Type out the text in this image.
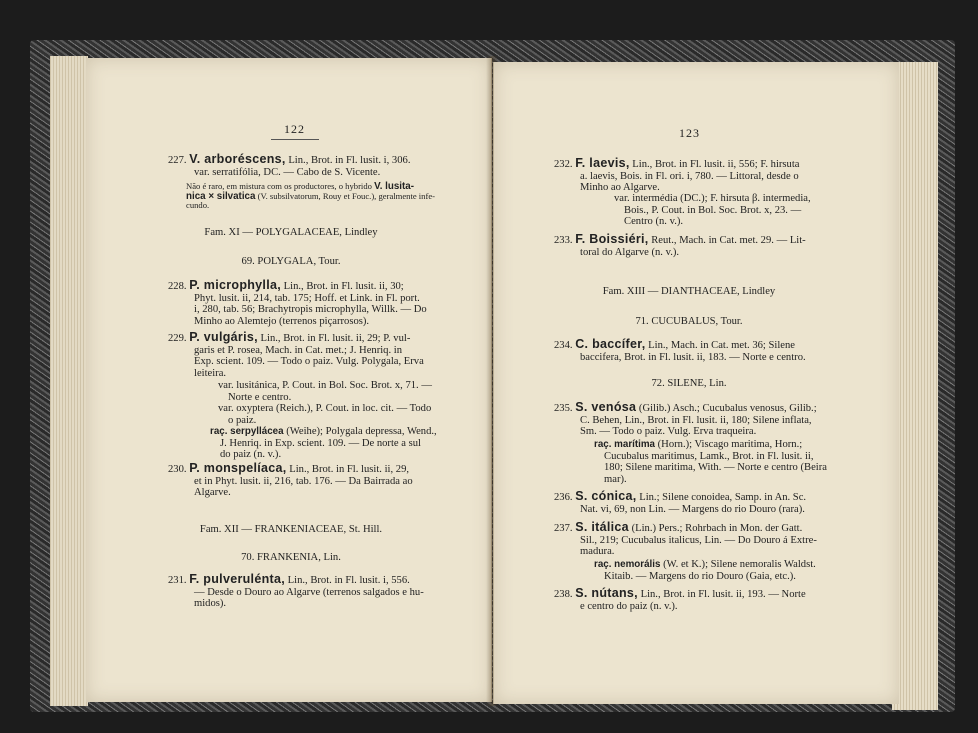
122

227. V. arboréscens, Lin., Brot. in Fl. lusit. i, 306.

var. serratifólia, DC. — Cabo de S. Vicente.

Não é raro, em mistura com os productores, o hybrido V. lusita-

nica × silvatica (V. subsilvatorum, Rouy et Fouc.), geralmente infe-

cundo.

Fam. XI — POLYGALACEAE, Lindley
69. POLYGALA, Tour.

228. P. microphylla, Lin., Brot. in Fl. lusit. ii, 30;

Phyt. lusit. ii, 214, tab. 175; Hoff. et Link. in Fl. port.

i, 280, tab. 56; Brachytropis microphylla, Willk. — Do

Minho ao Alemtejo (terrenos piçarrosos).

229. P. vulgáris, Lin., Brot. in Fl. lusit. ii, 29; P. vul-

garis et P. rosea, Mach. in Cat. met.; J. Henriq. in

Exp. scient. 109. — Todo o paiz. Vulg. Polygala, Erva

leiteira.

var. lusitánica, P. Cout. in Bol. Soc. Brot. x, 71. —

Norte e centro.

var. oxyptera (Reich.), P. Cout. in loc. cit. — Todo

o paiz.

raç. serpyllácea (Weihe); Polygala depressa, Wend.,

J. Henriq. in Exp. scient. 109. — De norte a sul

do paiz (n. v.).

230. P. monspelíaca, Lin., Brot. in Fl. lusit. ii, 29,

et in Phyt. lusit. ii, 216, tab. 176. — Da Bairrada ao

Algarve.

Fam. XII — FRANKENIACEAE, St. Hill.
70. FRANKENIA, Lin.

231. F. pulverulénta, Lin., Brot. in Fl. lusit. i, 556.

— Desde o Douro ao Algarve (terrenos salgados e hu-

midos).

123

232. F. laevis, Lin., Brot. in Fl. lusit. ii, 556; F. hirsuta

a. laevis, Bois. in Fl. ori. i, 780. — Littoral, desde o

Minho ao Algarve.

var. intermédia (DC.); F. hirsuta β. intermedia,

Bois., P. Cout. in Bol. Soc. Brot. x, 23. —

Centro (n. v.).

233. F. Boissiéri, Reut., Mach. in Cat. met. 29. — Lit-

toral do Algarve (n. v.).

Fam. XIII — DIANTHACEAE, Lindley
71. CUCUBALUS, Tour.

234. C. baccífer, Lin., Mach. in Cat. met. 36; Silene

baccifera, Brot. in Fl. lusit. ii, 183. — Norte e centro.

72. SILENE, Lin.

235. S. venósa (Gilib.) Asch.; Cucubalus venosus, Gilib.;

C. Behen, Lin., Brot. in Fl. lusit. ii, 180; Silene inflata,

Sm. — Todo o paiz. Vulg. Erva traqueira.

raç. marítima (Horn.); Viscago maritima, Horn.;

Cucubalus maritimus, Lamk., Brot. in Fl. lusit. ii,

180; Silene maritima, With. — Norte e centro (Beira

mar).

236. S. cónica, Lin.; Silene conoidea, Samp. in An. Sc.

Nat. vi, 69, non Lin. — Margens do rio Douro (rara).

237. S. itálica (Lin.) Pers.; Rohrbach in Mon. der Gatt.

Sil., 219; Cucubalus italicus, Lin. — Do Douro á Extre-

madura.

raç. nemorális (W. et K.); Silene nemoralis Waldst.

Kitaib. — Margens do rio Douro (Gaia, etc.).

238. S. nútans, Lin., Brot. in Fl. lusit. ii, 193. — Norte

e centro do paiz (n. v.).
